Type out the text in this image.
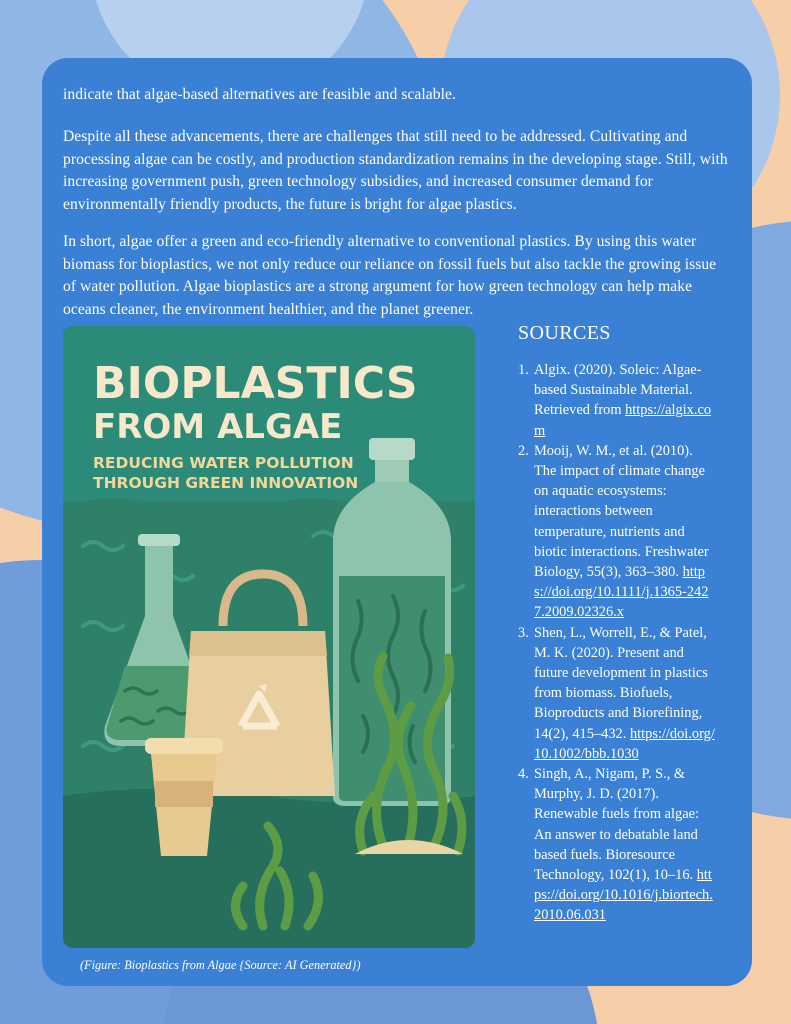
indicate that algae-based alternatives are feasible and scalable.

Despite all these advancements, there are challenges that still need to be addressed. Cultivating and processing algae can be costly, and production standardization remains in the developing stage. Still, with increasing government push, green technology subsidies, and increased consumer demand for environmentally friendly products, the future is bright for algae plastics.

In short, algae offer a green and eco-friendly alternative to conventional plastics. By using this water biomass for bioplastics, we not only reduce our reliance on fossil fuels but also tackle the growing issue of water pollution. Algae bioplastics are a strong argument for how green technology can help make oceans cleaner, the environment healthier, and the planet greener.

BIOPLASTICS
FROM ALGAE
REDUCING WATER POLLUTION
THROUGH GREEN INNOVATION

(Figure: Bioplastics from Algae {Source: AI Generated})

SOURCES
1. Algix. (2020). Soleic: Algae-based Sustainable Material. Retrieved from https://algix.com
2. Mooij, W. M., et al. (2010). The impact of climate change on aquatic ecosystems: interactions between temperature, nutrients and biotic interactions. Freshwater Biology, 55(3), 363–380. https://doi.org/10.1111/j.1365-2427.2009.02326.x
3. Shen, L., Worrell, E., & Patel, M. K. (2020). Present and future development in plastics from biomass. Biofuels, Bioproducts and Biorefining, 14(2), 415–432. https://doi.org/10.1002/bbb.1030
4. Singh, A., Nigam, P. S., & Murphy, J. D. (2017). Renewable fuels from algae: An answer to debatable land based fuels. Bioresource Technology, 102(1), 10–16. https://doi.org/10.1016/j.biortech.2010.06.031
